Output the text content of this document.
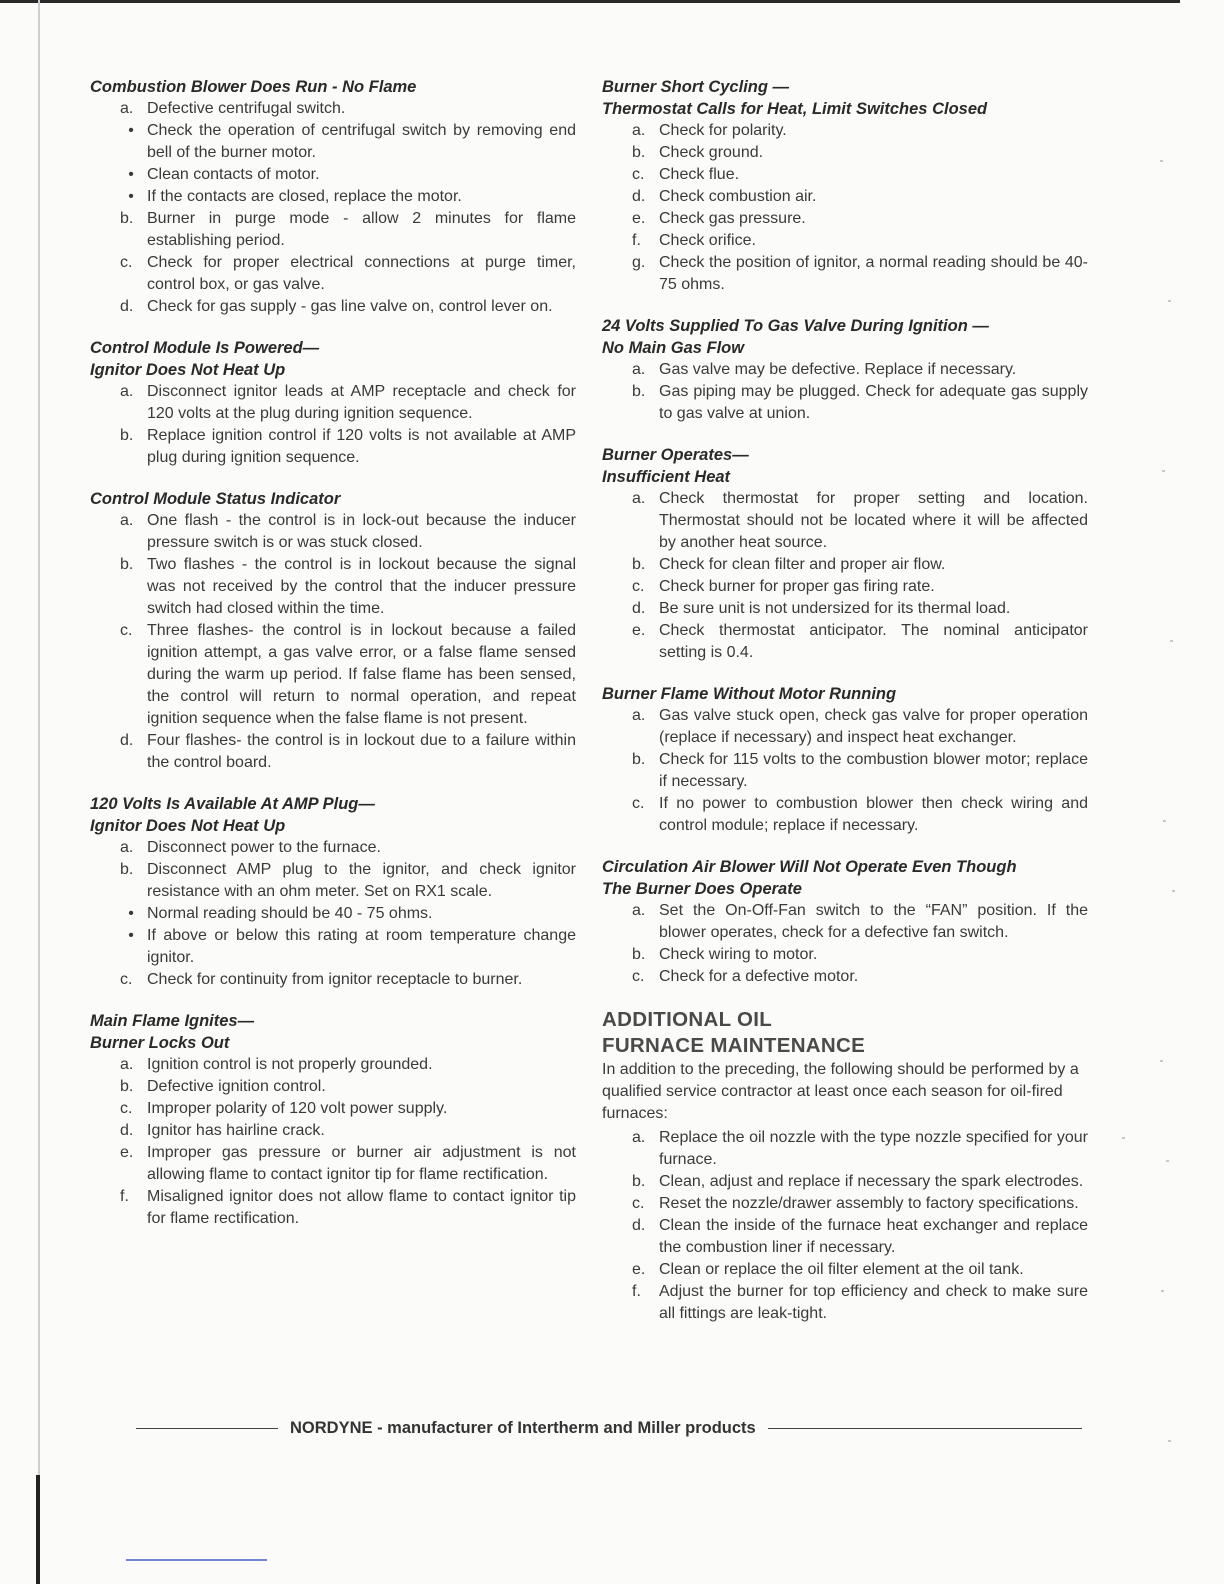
Combustion Blower Does Run - No Flame
a. Defective centrifugal switch.
• Check the operation of centrifugal switch by removing end bell of the burner motor.
• Clean contacts of motor.
• If the contacts are closed, replace the motor.
b. Burner in purge mode - allow 2 minutes for flame establishing period.
c. Check for proper electrical connections at purge timer, control box, or gas valve.
d. Check for gas supply - gas line valve on, control lever on.
Control Module Is Powered—
Ignitor Does Not Heat Up
a. Disconnect ignitor leads at AMP receptacle and check for 120 volts at the plug during ignition sequence.
b. Replace ignition control if 120 volts is not available at AMP plug during ignition sequence.
Control Module Status Indicator
a. One flash - the control is in lock-out because the inducer pressure switch is or was stuck closed.
b. Two flashes - the control is in lockout because the signal was not received by the control that the inducer pressure switch had closed within the time.
c. Three flashes- the control is in lockout because a failed ignition attempt, a gas valve error, or a false flame sensed during the warm up period. If false flame has been sensed, the control will return to normal operation, and repeat ignition sequence when the false flame is not present.
d. Four flashes- the control is in lockout due to a failure within the control board.
120 Volts Is Available At AMP Plug—
Ignitor Does Not Heat Up
a. Disconnect power to the furnace.
b. Disconnect AMP plug to the ignitor, and check ignitor resistance with an ohm meter. Set on RX1 scale.
• Normal reading should be 40 - 75 ohms.
• If above or below this rating at room temperature change ignitor.
c. Check for continuity from ignitor receptacle to burner.
Main Flame Ignites—
Burner Locks Out
a. Ignition control is not properly grounded.
b. Defective ignition control.
c. Improper polarity of 120 volt power supply.
d. Ignitor has hairline crack.
e. Improper gas pressure or burner air adjustment is not allowing flame to contact ignitor tip for flame rectification.
f.	Misaligned ignitor does not allow flame to contact ignitor tip for flame rectification.
Burner Short Cycling —
Thermostat Calls for Heat, Limit Switches Closed
a. Check for polarity.
b. Check ground.
c. Check flue.
d. Check combustion air.
e. Check gas pressure.
f.	Check orifice.
g. Check the position of ignitor, a normal reading should be 40-75 ohms.
24 Volts Supplied To Gas Valve During Ignition —
No Main Gas Flow
a. Gas valve may be defective. Replace if necessary.
b. Gas piping may be plugged. Check for adequate gas supply to gas valve at union.
Burner Operates—
Insufficient Heat
a. Check thermostat for proper setting and location. Thermostat should not be located where it will be affected by another heat source.
b. Check for clean filter and proper air flow.
c. Check burner for proper gas firing rate.
d. Be sure unit is not undersized for its thermal load.
e. Check thermostat anticipator. The nominal anticipator setting is 0.4.
Burner Flame Without Motor Running
a. Gas valve stuck open, check gas valve for proper operation (replace if necessary) and inspect heat exchanger.
b. Check for 115 volts to the combustion blower motor; replace if necessary.
c. If no power to combustion blower then check wiring and control module; replace if necessary.
Circulation Air Blower Will Not Operate Even Though
The Burner Does Operate
a. Set the On-Off-Fan switch to the “FAN” position. If the blower operates, check for a defective fan switch.
b. Check wiring to motor.
c. Check for a defective motor.
ADDITIONAL OIL
FURNACE MAINTENANCE
In addition to the preceding, the following should be performed by a qualified service contractor at least once each season for oil-fired furnaces:
a. Replace the oil nozzle with the type nozzle specified for your furnace.
b. Clean, adjust and replace if necessary the spark electrodes.
c. Reset the nozzle/drawer assembly to factory specifications.
d. Clean the inside of the furnace heat exchanger and replace the combustion liner if necessary.
e. Clean or replace the oil filter element at the oil tank.
f.	Adjust the burner for top efficiency and check to make sure all fittings are leak-tight.
NORDYNE - manufacturer of Intertherm and Miller products
